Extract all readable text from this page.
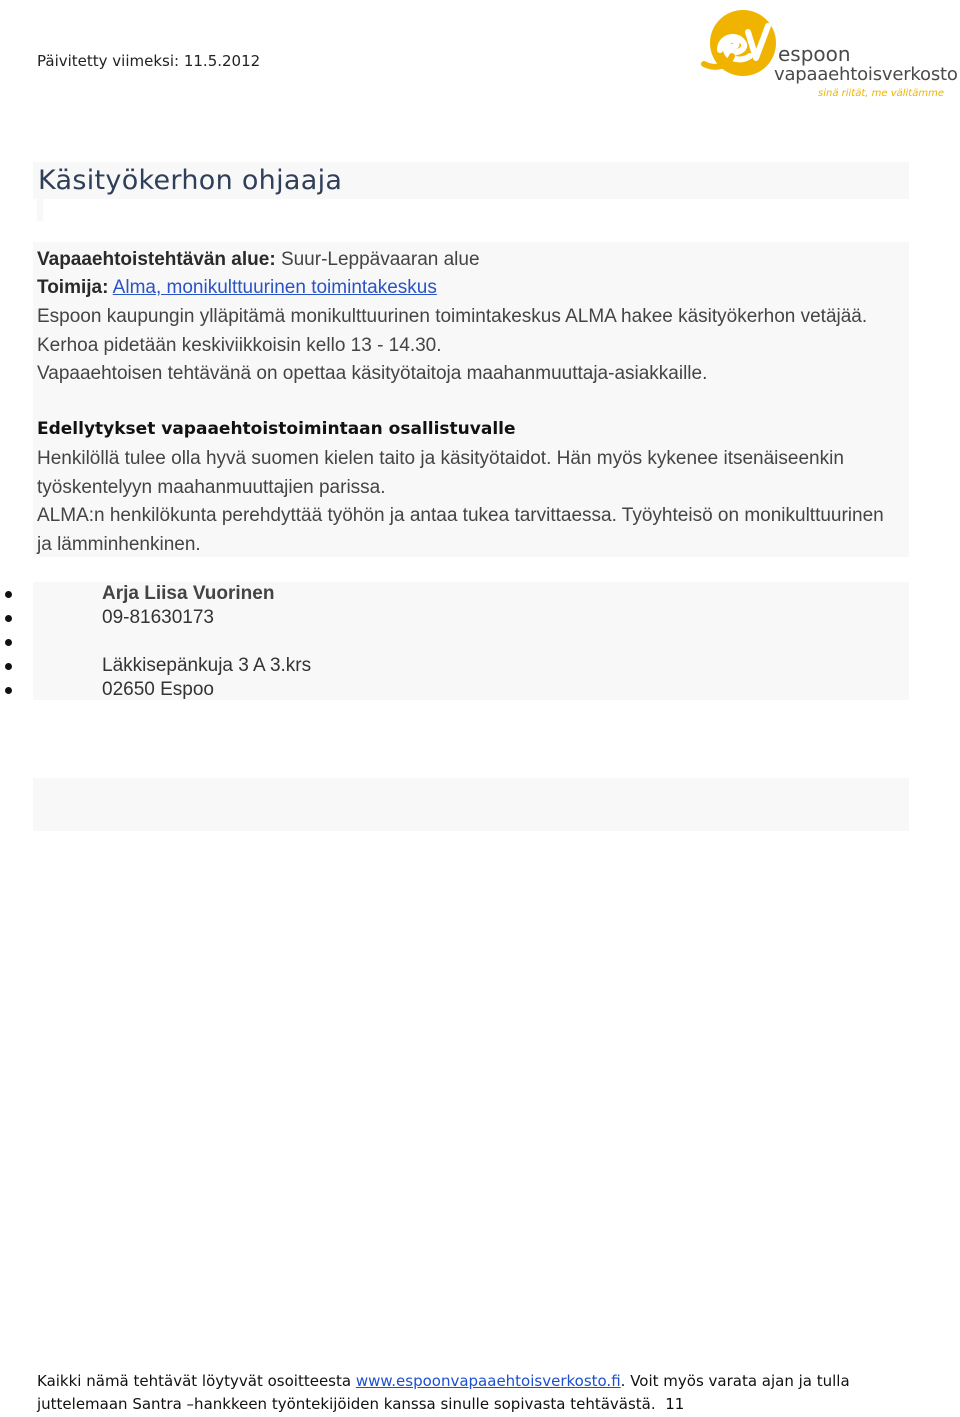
Päivitetty viimeksi: 11.5.2012	espoon
vapaaehtoisverkosto
sinä riität, me välitämme
Käsityökerhon ohjaaja
Vapaaehtoistehtävän alue: Suur-Leppävaaran alue
Toimija: Alma, monikulttuurinen toimintakeskus
Espoon kaupungin ylläpitämä monikulttuurinen toimintakeskus ALMA hakee käsityökerhon vetäjää. Kerhoa pidetään keskiviikkoisin kello 13 - 14.30.
Vapaaehtoisen tehtävänä on opettaa käsityötaitoja maahanmuuttaja-asiakkaille.
Edellytykset vapaaehtoistoimintaan osallistuvalle
Henkilöllä tulee olla hyvä suomen kielen taito ja käsityötaidot. Hän myös kykenee itsenäiseenkin työskentelyyn maahanmuuttajien parissa.
ALMA:n henkilökunta perehdyttää työhön ja antaa tukea tarvittaessa. Työyhteisö on monikulttuurinen ja lämminhenkinen.
Arja Liisa Vuorinen
09-81630173
Läkkisepänkuja 3 A 3.krs
02650 Espoo
Kaikki nämä tehtävät löytyvät osoitteesta www.espoonvapaaehtoisverkosto.fi. Voit myös varata ajan ja tulla juttelemaan Santra –hankkeen työntekijöiden kanssa sinulle sopivasta tehtävästä. 11
